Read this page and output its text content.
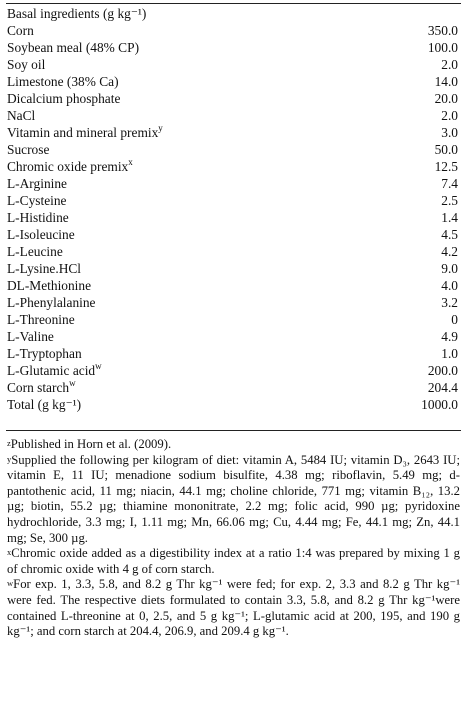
Basal ingredients (g kg⁻¹)	
Corn	350.0
Soybean meal (48% CP)	100.0
Soy oil	2.0
Limestone (38% Ca)	14.0
Dicalcium phosphate	20.0
NaCl	2.0
Vitamin and mineral premix$^y$	3.0
Sucrose	50.0
Chromic oxide premix$^x$	12.5
L-Arginine	7.4
L-Cysteine	2.5
L-Histidine	1.4
L-Isoleucine	4.5
L-Leucine	4.2
L-Lysine.HCl	9.0
DL-Methionine	4.0
L-Phenylalanine	3.2
L-Threonine	0
L-Valine	4.9
L-Tryptophan	1.0
L-Glutamic acid$^w$	200.0
Corn starch$^w$	204.4
Total (g kg⁻¹)	1000.0

$^z$Published in Horn et al. (2009).

$^y$Supplied the following per kilogram of diet: vitamin A, 5484 IU; vitamin D₃, 2643 IU; vitamin E, 11 IU; menadione sodium bisulfite, 4.38 mg; riboflavin, 5.49 mg; d-pantothenic acid, 11 mg; niacin, 44.1 mg; choline chloride, 771 mg; vitamin B₁₂, 13.2 µg; biotin, 55.2 µg; thiamine mononitrate, 2.2 mg; folic acid, 990 µg; pyridoxine hydrochloride, 3.3 mg; I, 1.11 mg; Mn, 66.06 mg; Cu, 4.44 mg; Fe, 44.1 mg; Zn, 44.1 mg; Se, 300 µg.

$^x$Chromic oxide added as a digestibility index at a ratio 1:4 was prepared by mixing 1 g of chromic oxide with 4 g of corn starch.

$^w$For exp. 1, 3.3, 5.8, and 8.2 g Thr kg⁻¹ were fed; for exp. 2, 3.3 and 8.2 g Thr kg⁻¹ were fed. The respective diets formulated to contain 3.3, 5.8, and 8.2 g Thr kg⁻¹were contained L-threonine at 0, 2.5, and 5 g kg⁻¹; L-glutamic acid at 200, 195, and 190 g kg⁻¹; and corn starch at 204.4, 206.9, and 209.4 g kg⁻¹.
